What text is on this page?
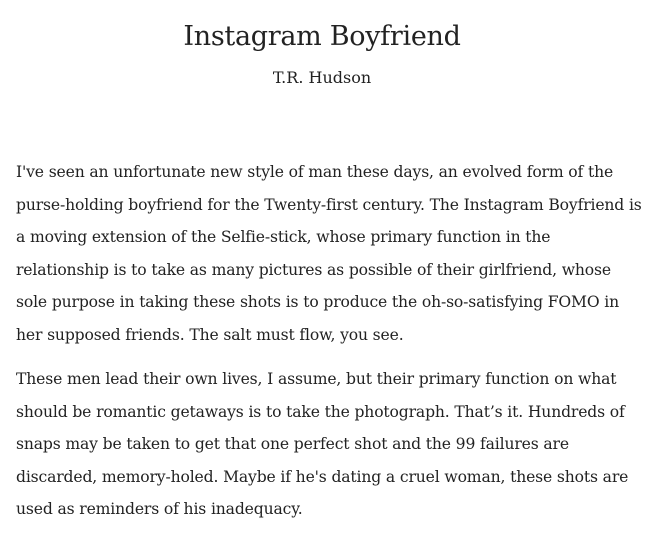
Instagram Boyfriend
T.R. Hudson

I've seen an unfortunate new style of man these days, an evolved form of the purse-holding boyfriend for the Twenty-first century. The Instagram Boyfriend is a moving extension of the Selfie-stick, whose primary function in the relationship is to take as many pictures as possible of their girlfriend, whose sole purpose in taking these shots is to produce the oh-so-satisfying FOMO in her supposed friends. The salt must flow, you see.

These men lead their own lives, I assume, but their primary function on what should be romantic getaways is to take the photograph. That’s it. Hundreds of snaps may be taken to get that one perfect shot and the 99 failures are discarded, memory-holed. Maybe if he's dating a cruel woman, these shots are used as reminders of his inadequacy.
